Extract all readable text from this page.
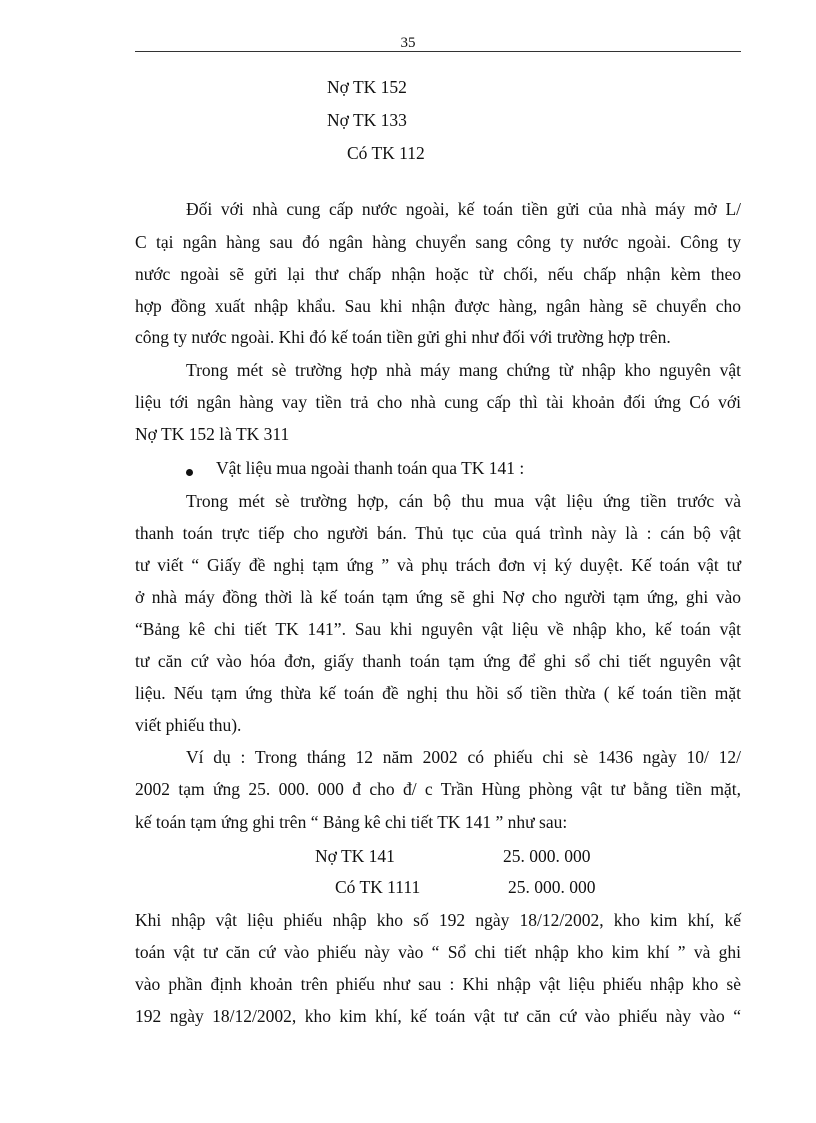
35
Nợ TK 152
Nợ TK 133
Có TK 112
Đối với nhà cung cấp nước ngoài, kế toán tiền gửi của nhà máy mở L/
C tại ngân hàng sau đó ngân hàng chuyển sang công ty nước ngoài. Công ty
nước ngoài sẽ gửi lại thư chấp nhận hoặc từ chối, nếu chấp nhận kèm theo
hợp đồng xuất nhập khẩu. Sau khi nhận được hàng, ngân hàng sẽ chuyển cho
công ty nước ngoài. Khi đó kế toán tiền gửi ghi như đối với trường hợp trên.
Trong mét sè trường hợp nhà máy mang chứng từ nhập kho nguyên vật
liệu tới ngân hàng vay tiền trả cho nhà cung cấp thì tài khoản đối ứng Có với
Nợ TK 152 là TK 311
Vật liệu mua ngoài thanh toán qua TK 141 :
Trong mét sè trường hợp, cán bộ thu mua vật liệu ứng tiền trước và
thanh toán trực tiếp cho người bán. Thủ tục của quá trình này là : cán bộ vật
tư viết “ Giấy đề nghị tạm ứng ” và phụ trách đơn vị ký duyệt. Kế toán vật tư
ở nhà máy đồng thời là kế toán tạm ứng sẽ ghi Nợ cho người tạm ứng, ghi vào
“Bảng kê chi tiết TK 141”. Sau khi nguyên vật liệu về nhập kho, kế toán vật
tư căn cứ vào hóa đơn, giấy thanh toán tạm ứng để ghi sổ chi tiết nguyên vật
liệu. Nếu tạm ứng thừa kế toán đề nghị thu hồi số tiền thừa ( kế toán tiền mặt
viết phiếu thu).
Ví dụ : Trong tháng 12 năm 2002 có phiếu chi sè 1436 ngày 10/ 12/
2002 tạm ứng 25. 000. 000 đ cho đ/ c Trần Hùng phòng vật tư bằng tiền mặt,
kế toán tạm ứng ghi trên “ Bảng kê chi tiết TK 141 ” như sau:
Nợ TK 141	25. 000. 000
Có TK 1111	25. 000. 000
Khi nhập vật liệu phiếu nhập kho số 192 ngày 18/12/2002, kho kim khí, kế
toán vật tư căn cứ vào phiếu này vào “ Sổ chi tiết nhập kho kim khí ” và ghi
vào phần định khoản trên phiếu như sau : Khi nhập vật liệu phiếu nhập kho sè
192 ngày 18/12/2002, kho kim khí, kế toán vật tư căn cứ vào phiếu này vào “
